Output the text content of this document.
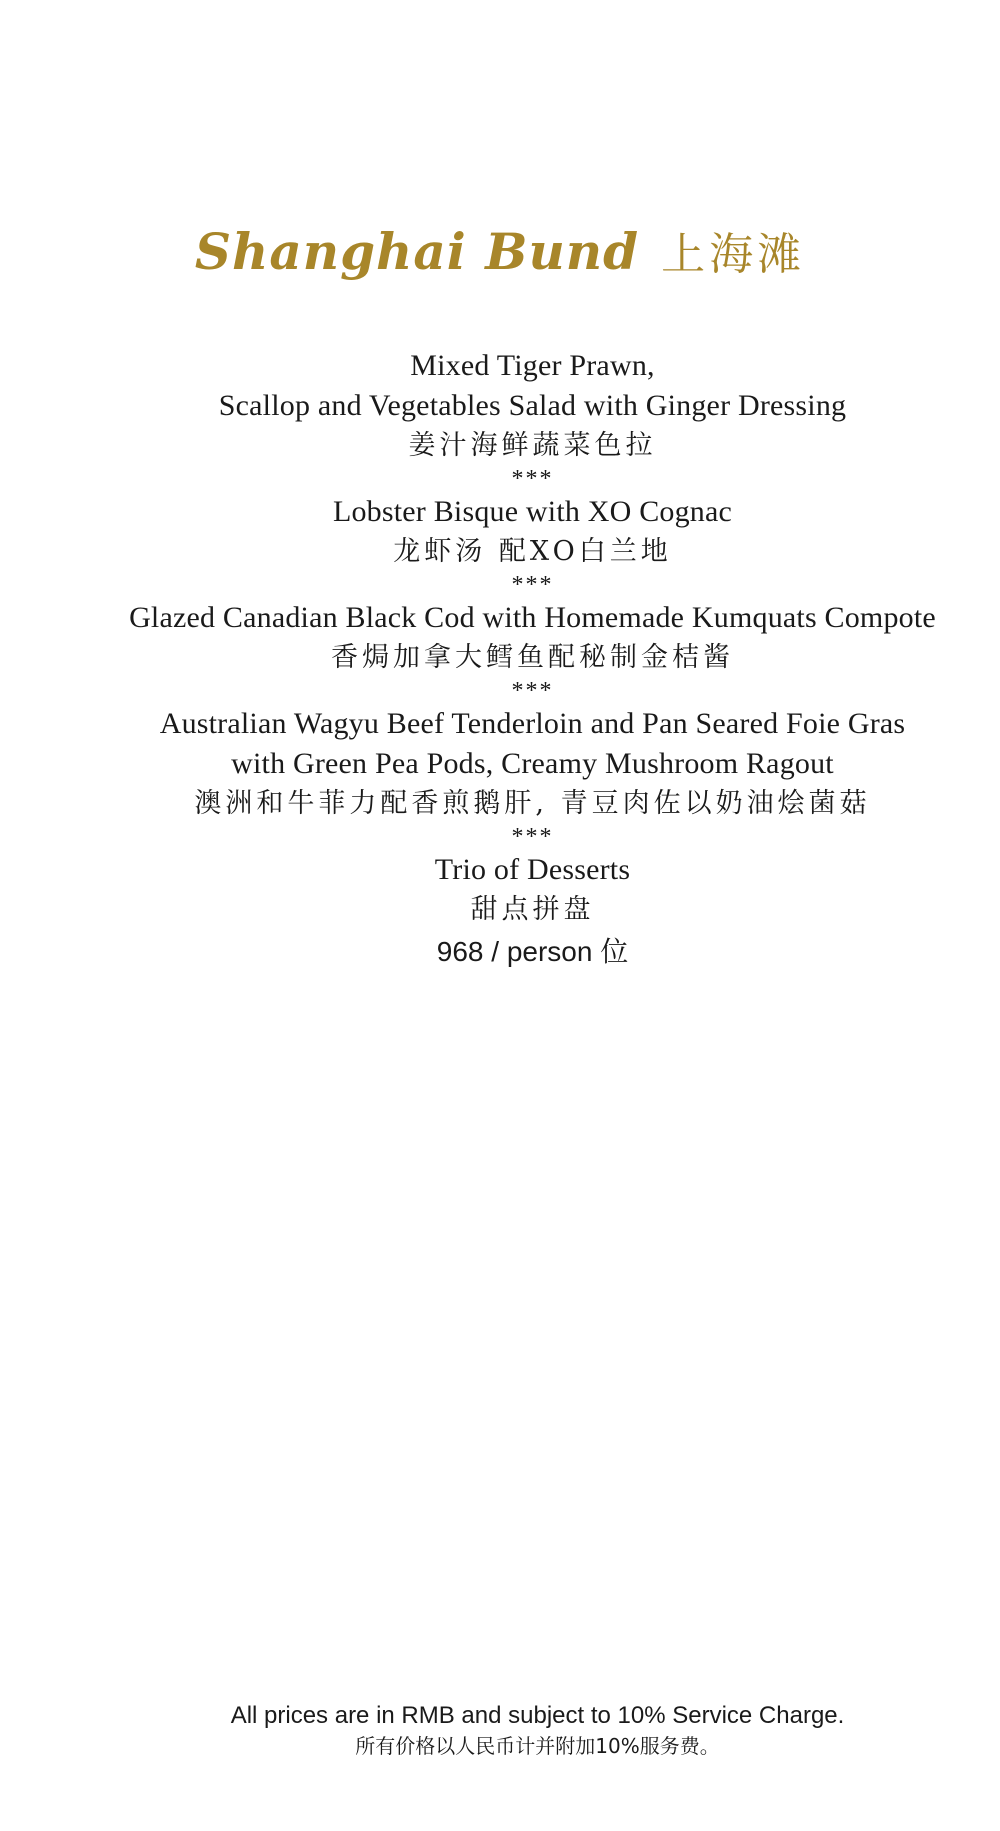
Shanghai Bund 上海滩
Mixed Tiger Prawn,
Scallop and Vegetables Salad with Ginger Dressing
姜汁海鲜蔬菜色拉
***
Lobster Bisque with XO Cognac
龙虾汤 配XO白兰地
***
Glazed Canadian Black Cod with Homemade Kumquats Compote
香焗加拿大鳕鱼配秘制金桔酱
***
Australian Wagyu Beef Tenderloin and Pan Seared Foie Gras
with Green Pea Pods, Creamy Mushroom Ragout
澳洲和牛菲力配香煎鹅肝, 青豆肉佐以奶油烩菌菇
***
Trio of Desserts
甜点拼盘
968 / person 位
All prices are in RMB and subject to 10% Service Charge.
所有价格以人民币计并附加10%服务费。
